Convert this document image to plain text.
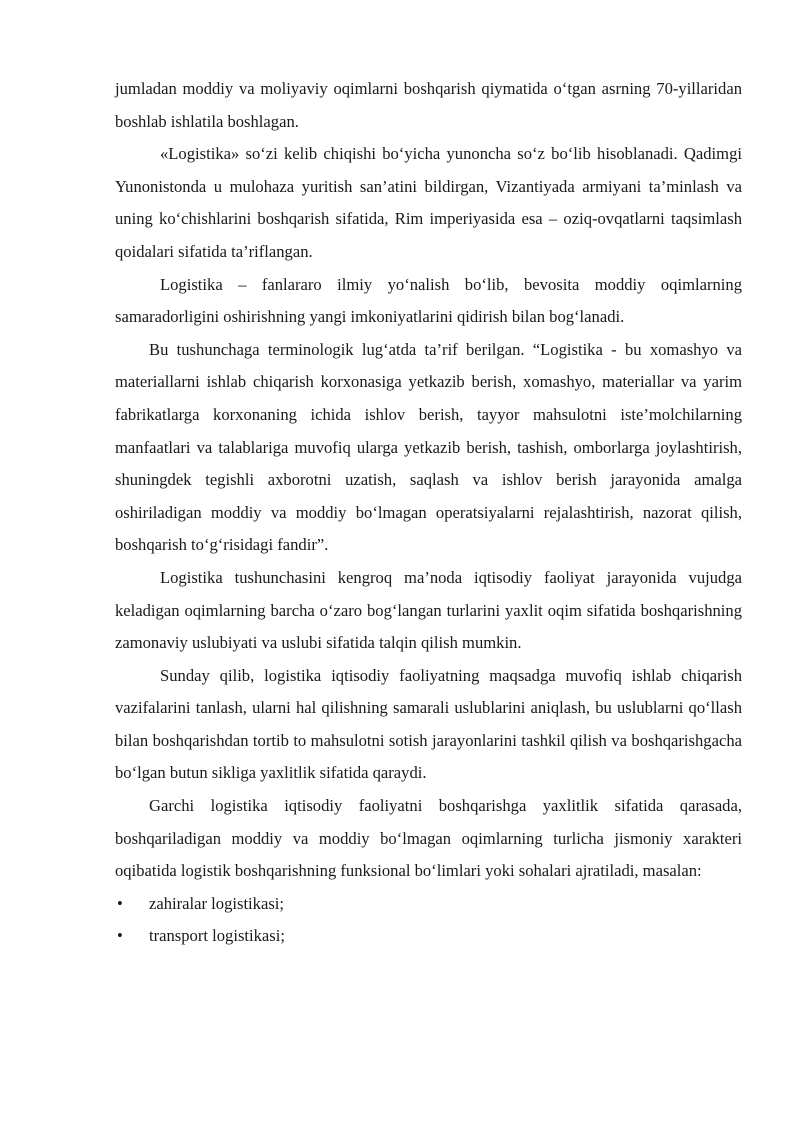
jumladan moddiy va moliyaviy oqimlarni boshqarish qiymatida o‘tgan asrning 70-yillaridan boshlab ishlatila boshlagan.

«Logistika» so‘zi kelib chiqishi bo‘yicha yunoncha so‘z bo‘lib hisoblanadi. Qadimgi Yunonistonda u mulohaza yuritish san’atini bildirgan, Vizantiyada armiyani ta’minlash va uning ko‘chishlarini boshqarish sifatida, Rim imperiyasida esa – oziq-ovqatlarni taqsimlash qoidalari sifatida ta’riflangan.

Logistika – fanlararo ilmiy yo‘nalish bo‘lib, bevosita moddiy oqimlarning samaradorligini oshirishning yangi imkoniyatlarini qidirish bilan bog‘lanadi.

Bu tushunchaga terminologik lug‘atda ta’rif berilgan. “Logistika - bu xomashyo va materiallarni ishlab chiqarish korxonasiga yetkazib berish, xomashyo, materiallar va yarim fabrikatlarga korxonaning ichida ishlov berish, tayyor mahsulotni iste’molchilarning manfaatlari va talablariga muvofiq ularga yetkazib berish, tashish, omborlarga joylashtirish, shuningdek tegishli axborotni uzatish, saqlash va ishlov berish jarayonida amalga oshiriladigan moddiy va moddiy bo‘lmagan operatsiyalarni rejalashtirish, nazorat qilish, boshqarish to‘g‘risidagi fandir”.

Logistika tushunchasini kengroq ma’noda iqtisodiy faoliyat jarayonida vujudga keladigan oqimlarning barcha o‘zaro bog‘langan turlarini yaxlit oqim sifatida boshqarishning zamonaviy uslubiyati va uslubi sifatida talqin qilish mumkin.

Sunday qilib, logistika iqtisodiy faoliyatning maqsadga muvofiq ishlab chiqarish vazifalarini tanlash, ularni hal qilishning samarali uslublarini aniqlash, bu uslublarni qo‘llash bilan boshqarishdan tortib to mahsulotni sotish jarayonlarini tashkil qilish va boshqarishgacha bo‘lgan butun sikliga yaxlitlik sifatida qaraydi.

Garchi logistika iqtisodiy faoliyatni boshqarishga yaxlitlik sifatida qarasada, boshqariladigan moddiy va moddiy bo‘lmagan oqimlarning turlicha jismoniy xarakteri oqibatida logistik boshqarishning funksional bo‘limlari yoki sohalari ajratiladi, masalan:

• zahiralar logistikasi;
• transport logistikasi;
